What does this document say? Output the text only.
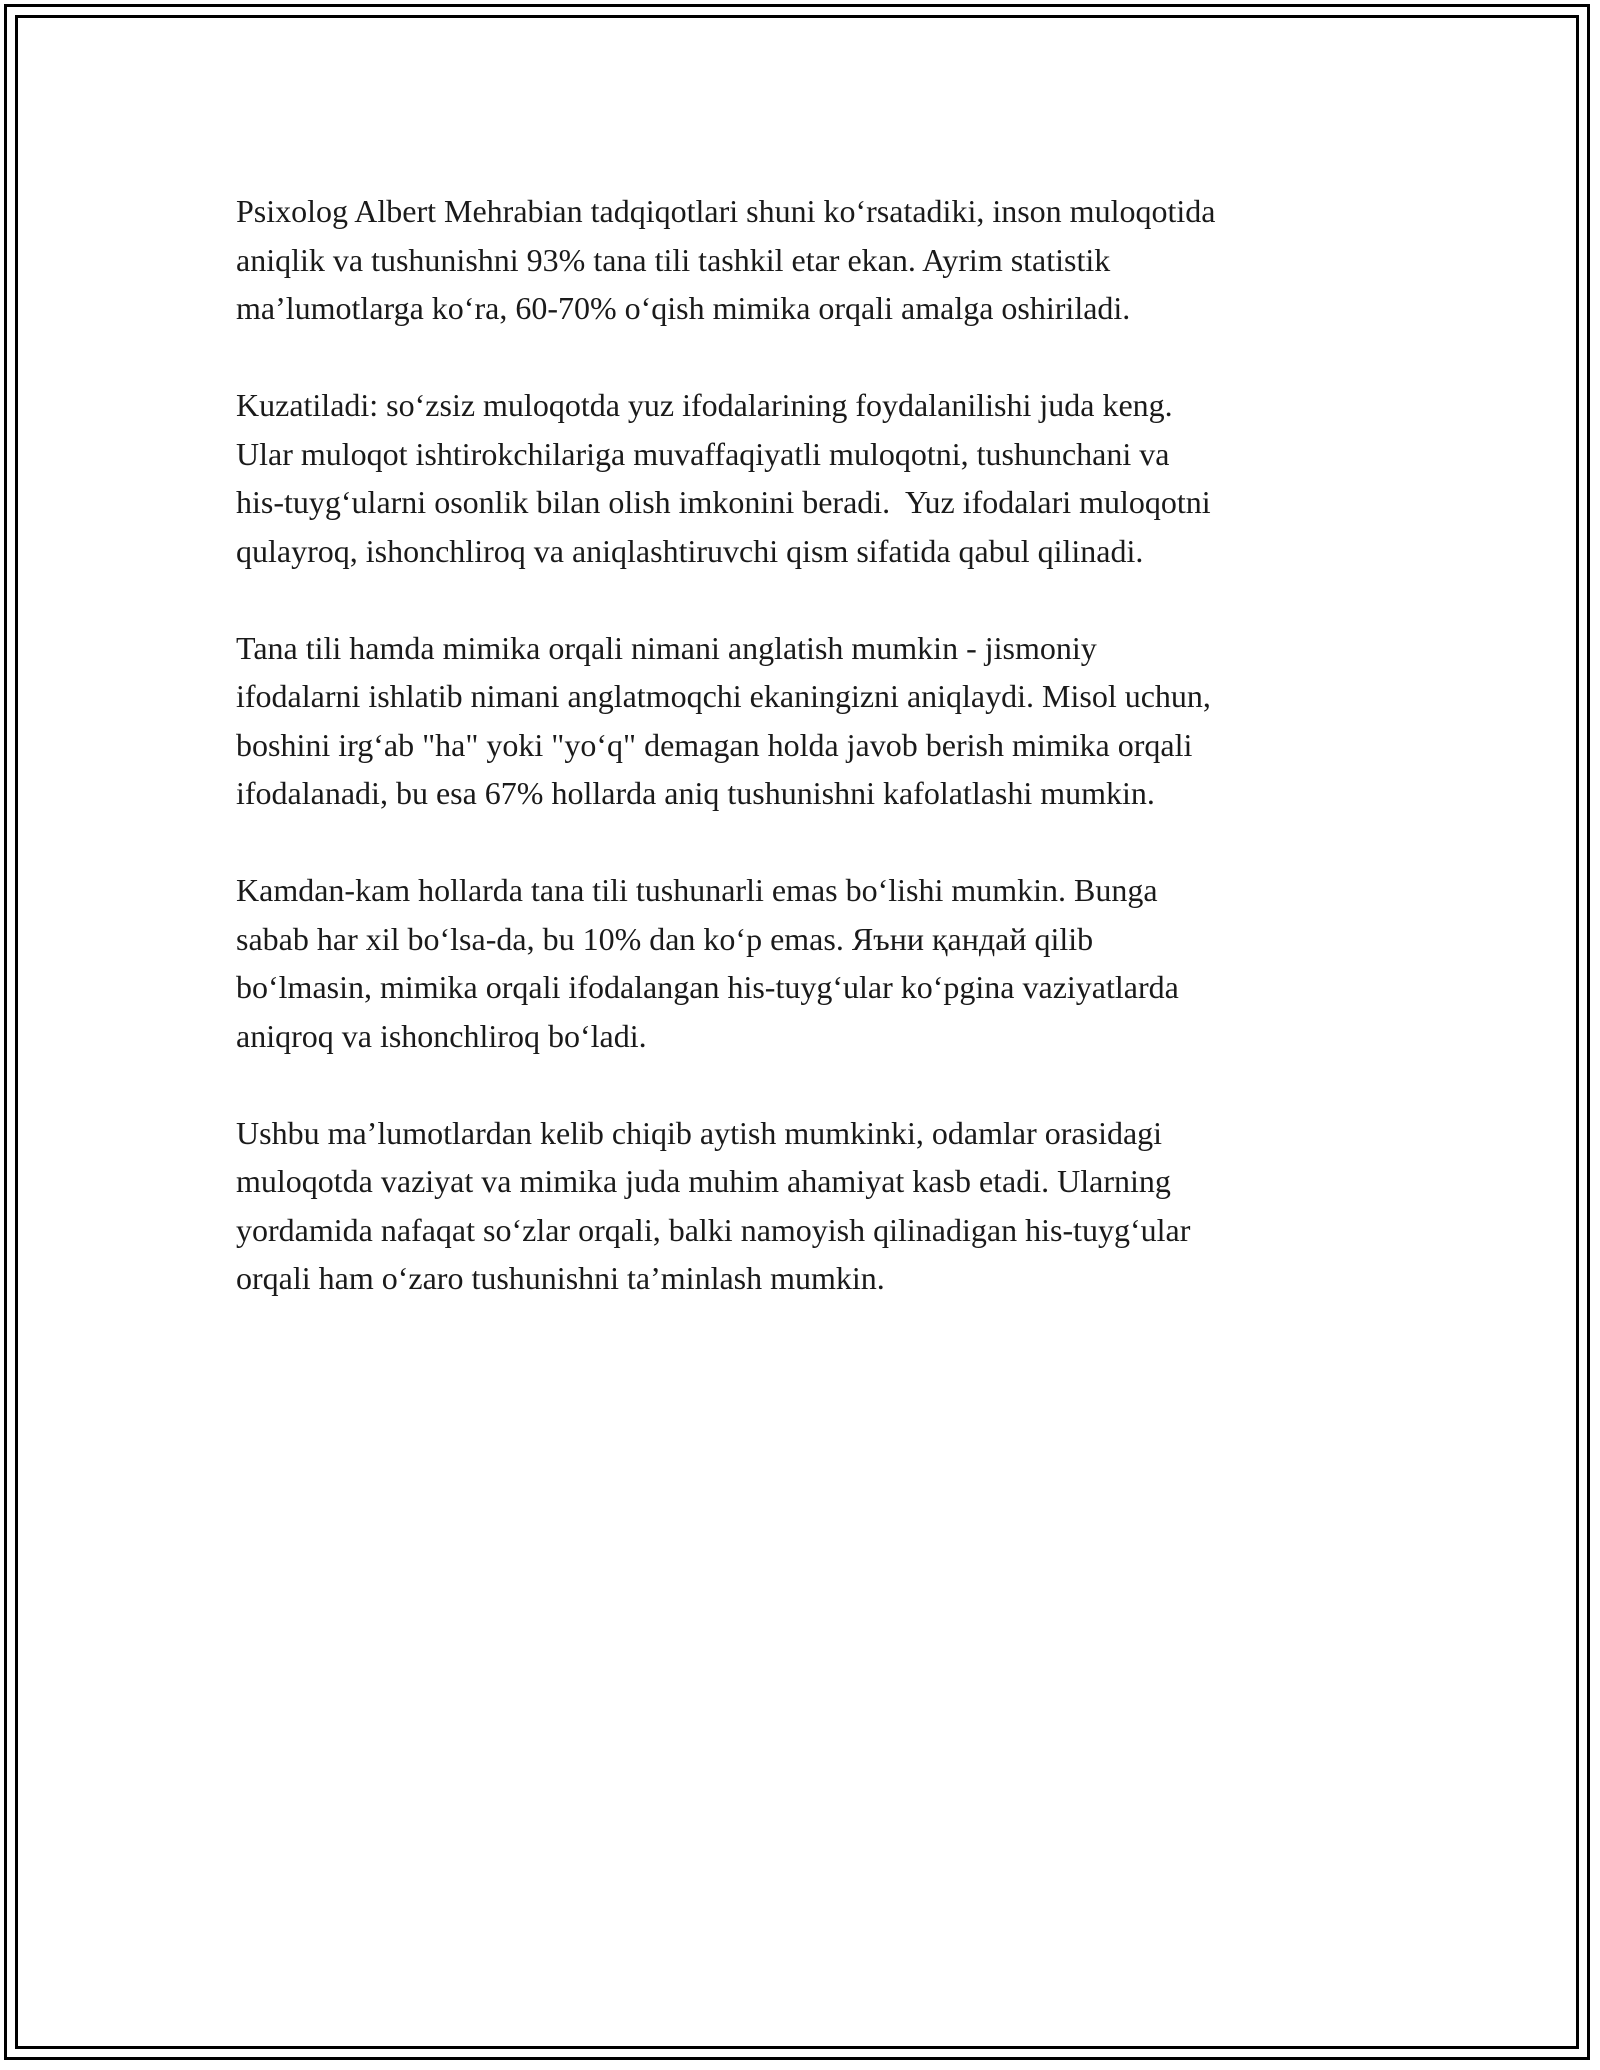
Psixolog Albert Mehrabian tadqiqotlari shuni ko‘rsatadiki, inson muloqotida
aniqlik va tushunishni 93% tana tili tashkil etar ekan. Ayrim statistik
ma’lumotlarga ko‘ra, 60-70% o‘qish mimika orqali amalga oshiriladi.

Kuzatiladi: so‘zsiz muloqotda yuz ifodalarining foydalanilishi juda keng.
Ular muloqot ishtirokchilariga muvaffaqiyatli muloqotni, tushunchani va
his-tuyg‘ularni osonlik bilan olish imkonini beradi.  Yuz ifodalari muloqotni
qulayroq, ishonchliroq va aniqlashtiruvchi qism sifatida qabul qilinadi.

Tana tili hamda mimika orqali nimani anglatish mumkin - jismoniy
ifodalarni ishlatib nimani anglatmoqchi ekaningizni aniqlaydi. Misol uchun,
boshini irg‘ab "ha" yoki "yo‘q" demagan holda javob berish mimika orqali
ifodalanadi, bu esa 67% hollarda aniq tushunishni kafolatlashi mumkin.

Kamdan-kam hollarda tana tili tushunarli emas bo‘lishi mumkin. Bunga
sabab har xil bo‘lsa-da, bu 10% dan ko‘p emas. Яъни қандай qilib
bo‘lmasin, mimika orqali ifodalangan his-tuyg‘ular ko‘pgina vaziyatlarda
aniqroq va ishonchliroq bo‘ladi.

Ushbu ma’lumotlardan kelib chiqib aytish mumkinki, odamlar orasidagi
muloqotda vaziyat va mimika juda muhim ahamiyat kasb etadi. Ularning
yordamida nafaqat so‘zlar orqali, balki namoyish qilinadigan his-tuyg‘ular
orqali ham o‘zaro tushunishni ta’minlash mumkin.
